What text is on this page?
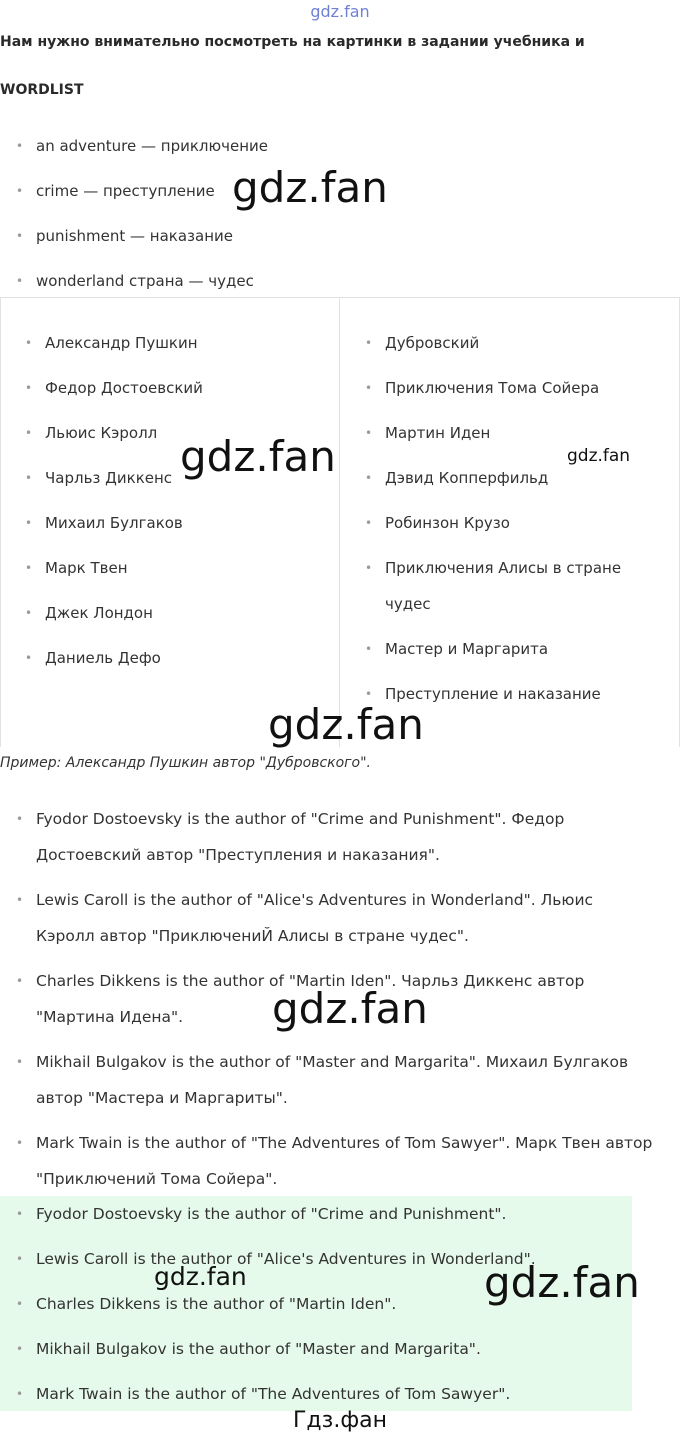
gdz.fan
Нам нужно внимательно посмотреть на картинки в задании учебника и
WORDLIST
• an adventure — приключение
• crime — преступление
• punishment — наказание
• wonderland страна — чудес
• Александр Пушкин
• Федор Достоевский
• Льюис Кэролл
• Чарльз Диккенс
• Михаил Булгаков
• Марк Твен
• Джек Лондон
• Даниель Дефо
• Дубровский
• Приключения Тома Сойера
• Мартин Иден
• Дэвид Копперфильд
• Робинзон Крузо
• Приключения Алисы в стране
чудес
• Мастер и Маргарита
• Преступление и наказание
Пример: Александр Пушкин автор "Дубровского".
• Fyodor Dostoevsky is the author of "Crime and Punishment". Федор
Достоевский автор "Преступления и наказания".
• Lewis Caroll is the author of "Alice's Adventures in Wonderland". Льюис
Кэролл автор "ПриключениЙ Алисы в стране чудес".
• Charles Dikkens is the author of "Martin Iden". Чарльз Диккенс автор
"Мартина Идена".
• Mikhail Bulgakov is the author of "Master and Margarita". Михаил Булгаков
автор "Мастера и Маргариты".
• Mark Twain is the author of "The Adventures of Tom Sawyer". Марк Твен автор
"Приключений Тома Сойера".
• Fyodor Dostoevsky is the author of "Crime and Punishment".
• Lewis Caroll is the author of "Alice's Adventures in Wonderland".
• Charles Dikkens is the author of "Martin Iden".
• Mikhail Bulgakov is the author of "Master and Margarita".
• Mark Twain is the author of "The Adventures of Tom Sawyer".
gdz.fan
gdz.fan	gdz.fan
gdz.fan
gdz.fan
gdz.fan	gdz.fan
Гдз.фан
